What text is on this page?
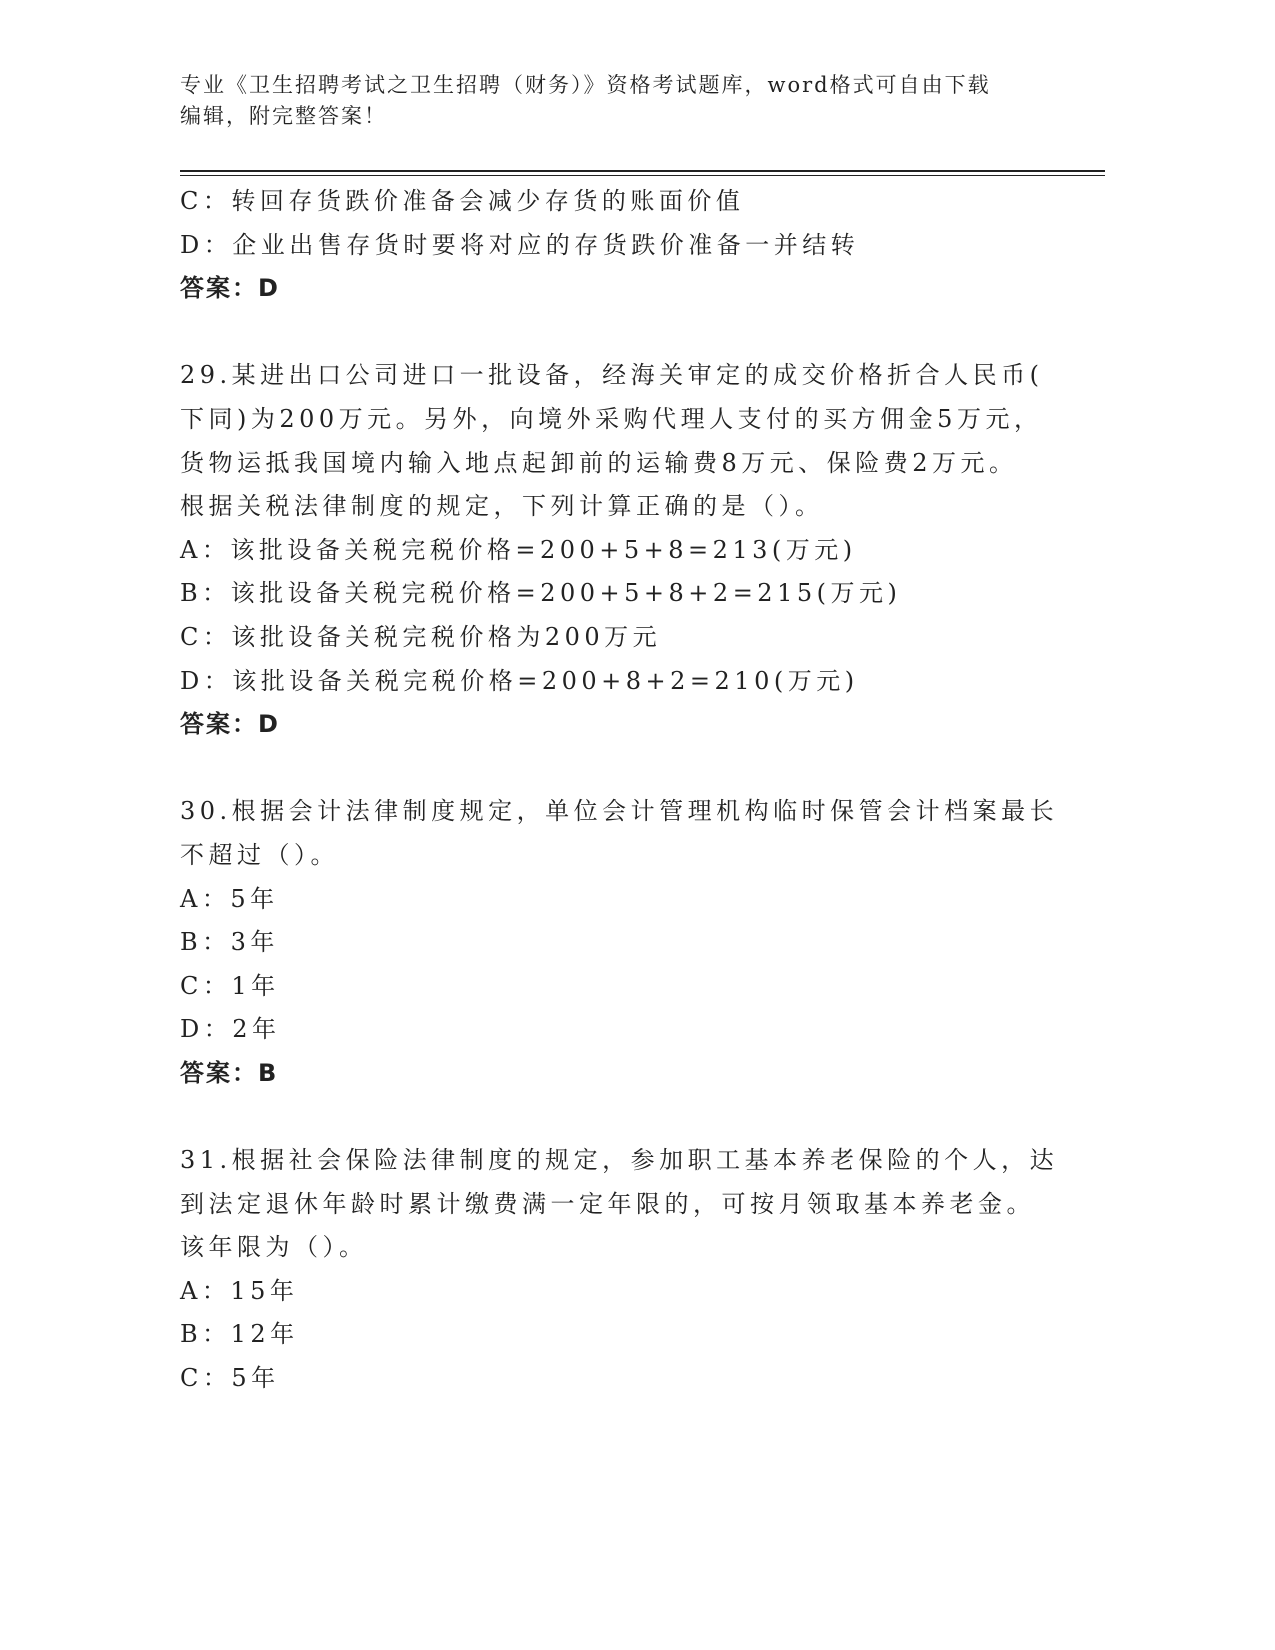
专业《卫生招聘考试之卫生招聘（财务）》资格考试题库，word格式可自由下载
编辑，附完整答案！
C：转回存货跌价准备会减少存货的账面价值
D：企业出售存货时要将对应的存货跌价准备一并结转
答案：D
29.某进出口公司进口一批设备，经海关审定的成交价格折合人民币(
下同)为200万元。另外，向境外采购代理人支付的买方佣金5万元，
货物运抵我国境内输入地点起卸前的运输费8万元、保险费2万元。
根据关税法律制度的规定，下列计算正确的是（）。
A：该批设备关税完税价格=200+5+8=213(万元)
B：该批设备关税完税价格=200+5+8+2=215(万元)
C：该批设备关税完税价格为200万元
D：该批设备关税完税价格=200+8+2=210(万元)
答案：D
30.根据会计法律制度规定，单位会计管理机构临时保管会计档案最长
不超过（）。
A：5年
B：3年
C：1年
D：2年
答案：B
31.根据社会保险法律制度的规定，参加职工基本养老保险的个人，达
到法定退休年龄时累计缴费满一定年限的，可按月领取基本养老金。
该年限为（）。
A：15年
B：12年
C：5年
